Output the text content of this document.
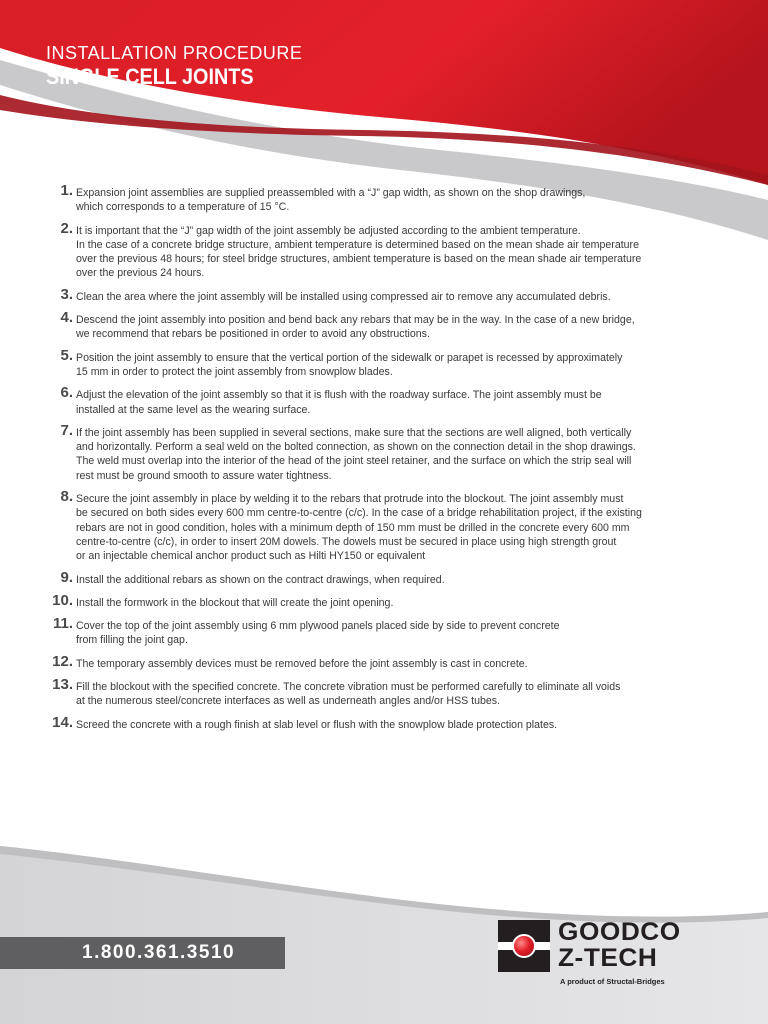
INSTALLATION PROCEDURE
SINGLE CELL JOINTS
1. Expansion joint assemblies are supplied preassembled with a “J” gap width, as shown on the shop drawings,
which corresponds to a temperature of 15 °C.
2. It is important that the “J” gap width of the joint assembly be adjusted according to the ambient temperature.
In the case of a concrete bridge structure, ambient temperature is determined based on the mean shade air temperature
over the previous 48 hours; for steel bridge structures, ambient temperature is based on the mean shade air temperature
over the previous 24 hours.
3. Clean the area where the joint assembly will be installed using compressed air to remove any accumulated debris.
4. Descend the joint assembly into position and bend back any rebars that may be in the way. In the case of a new bridge,
we recommend that rebars be positioned in order to avoid any obstructions.
5. Position the joint assembly to ensure that the vertical portion of the sidewalk or parapet is recessed by approximately
15 mm in order to protect the joint assembly from snowplow blades.
6. Adjust the elevation of the joint assembly so that it is flush with the roadway surface. The joint assembly must be
installed at the same level as the wearing surface.
7. If the joint assembly has been supplied in several sections, make sure that the sections are well aligned, both vertically
and horizontally. Perform a seal weld on the bolted connection, as shown on the connection detail in the shop drawings.
The weld must overlap into the interior of the head of the joint steel retainer, and the surface on which the strip seal will
rest must be ground smooth to assure water tightness.
8. Secure the joint assembly in place by welding it to the rebars that protrude into the blockout. The joint assembly must
be secured on both sides every 600 mm centre-to-centre (c/c). In the case of a bridge rehabilitation project, if the existing
rebars are not in good condition, holes with a minimum depth of 150 mm must be drilled in the concrete every 600 mm
centre-to-centre (c/c), in order to insert 20M dowels. The dowels must be secured in place using high strength grout
or an injectable chemical anchor product such as Hilti HY150 or equivalent
9. Install the additional rebars as shown on the contract drawings, when required.
10. Install the formwork in the blockout that will create the joint opening.
11. Cover the top of the joint assembly using 6 mm plywood panels placed side by side to prevent concrete
from filling the joint gap.
12. The temporary assembly devices must be removed before the joint assembly is cast in concrete.
13. Fill the blockout with the specified concrete. The concrete vibration must be performed carefully to eliminate all voids
at the numerous steel/concrete interfaces as well as underneath angles and/or HSS tubes.
14. Screed the concrete with a rough finish at slab level or flush with the snowplow blade protection plates.
1.800.361.3510
GOODCO
Z-TECH
A product of Structal-Bridges
